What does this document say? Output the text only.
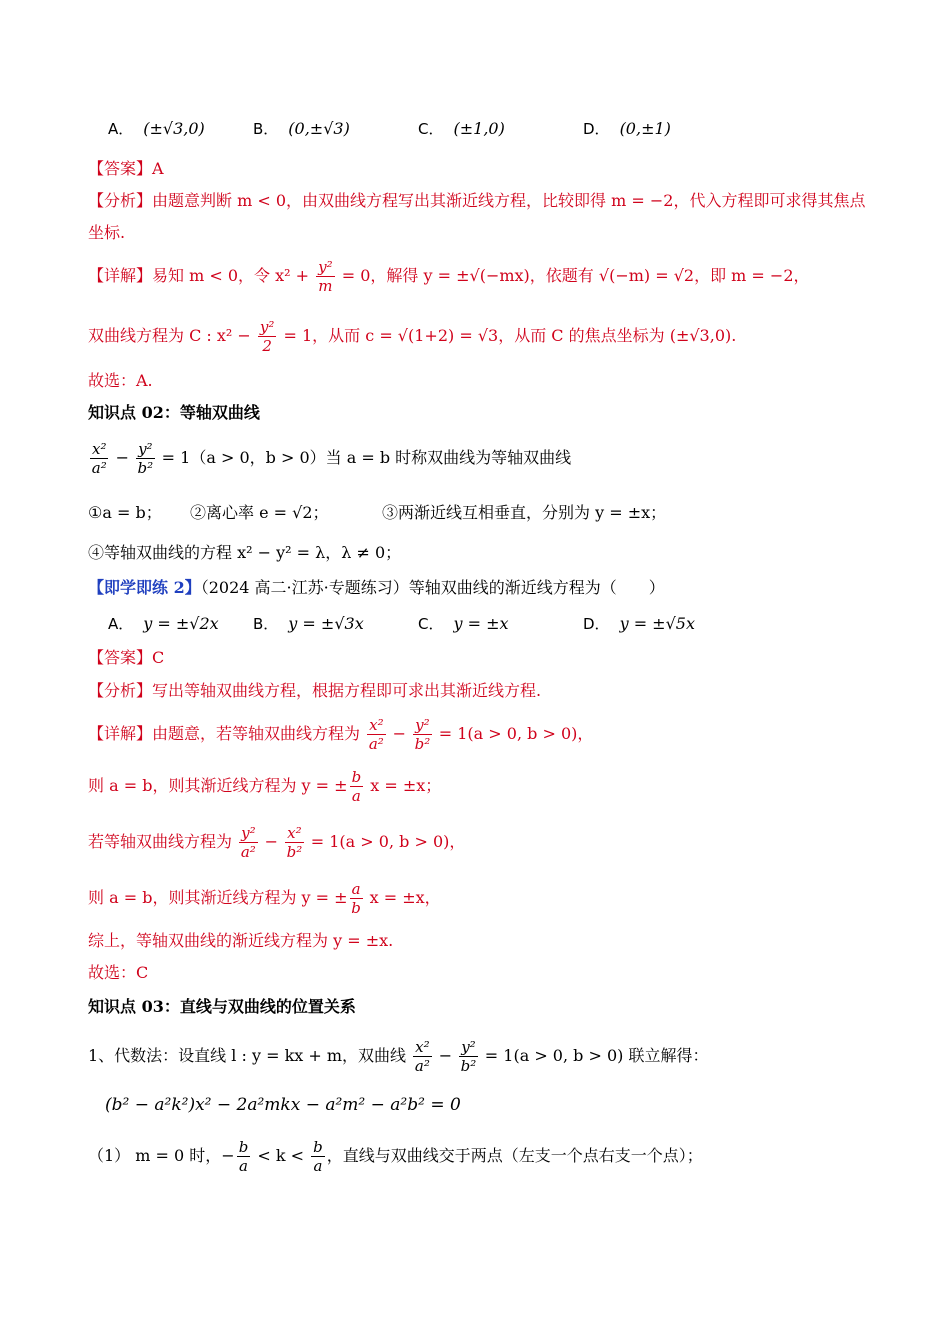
A． (±√3,0)	B． (0,±√3)	C． (±1,0)	D． (0,±1)
【答案】A
【分析】由题意判断 m < 0，由双曲线方程写出其渐近线方程，比较即得 m = −2，代入方程即可求得其焦点
坐标.
【详解】易知 m < 0，令 $x^2 + \frac{\text{y²}}{m} = 0$，解得 y = ±√(−mx)，依题有 √(−m) = √2，即 m = −2，
双曲线方程为 C : $x^2 - \frac{\text{y²}}{2} = 1$，从而 c = √(1+2) = √3，从而 C 的焦点坐标为 (±√3,0).
故选：A.
知识点 02：等轴双曲线
$\frac{\text{x²}}{\text{a²}} - \frac{\text{y²}}{\text{b²}} = 1(a > 0$，b > 0）当 a = b 时称双曲线为等轴双曲线
①a = b； ②离心率 e = √2；	③两渐近线互相垂直，分别为 y = ±x；
④等轴双曲线的方程 x² − y² = λ，λ ≠ 0；
【即学即练 2】（2024 高二·江苏·专题练习）等轴双曲线的渐近线方程为（　　）
A． y = ±√2x B． y = ±√3x	C． y = ±x	D． y = ±√5x
【答案】C
【分析】写出等轴双曲线方程，根据方程即可求出其渐近线方程.
【详解】由题意，若等轴双曲线方程为 $\frac{\text{x²}}{\text{a²}} - \frac{\text{y²}}{\text{b²}} = 1(a > 0$, b > 0)，
则 a = b，则其渐近线方程为 y = ± $\frac{b}{a}$ x = ±x；
若等轴双曲线方程为 $\frac{\text{y²}}{\text{a²}} - \frac{\text{x²}}{\text{b²}} = 1(a > 0$, b > 0)，
则 a = b，则其渐近线方程为 y = ± $\frac{a}{b}$ x = ±x，
综上，等轴双曲线的渐近线方程为 y = ±x.
故选：C
知识点 03：直线与双曲线的位置关系
1、代数法：设直线 l : y = kx + m，双曲线 $\frac{\text{x²}}{\text{a²}} - \frac{\text{y²}}{\text{b²}} = 1(a > 0$, b > 0) 联立解得：
(b² − a²k²)x² − 2a²mkx − a²m² − a²b² = 0
（1） m = 0 时，− $\frac{b}{a} < k < \frac{b}{a}$ ，直线与双曲线交于两点（左支一个点右支一个点）；
